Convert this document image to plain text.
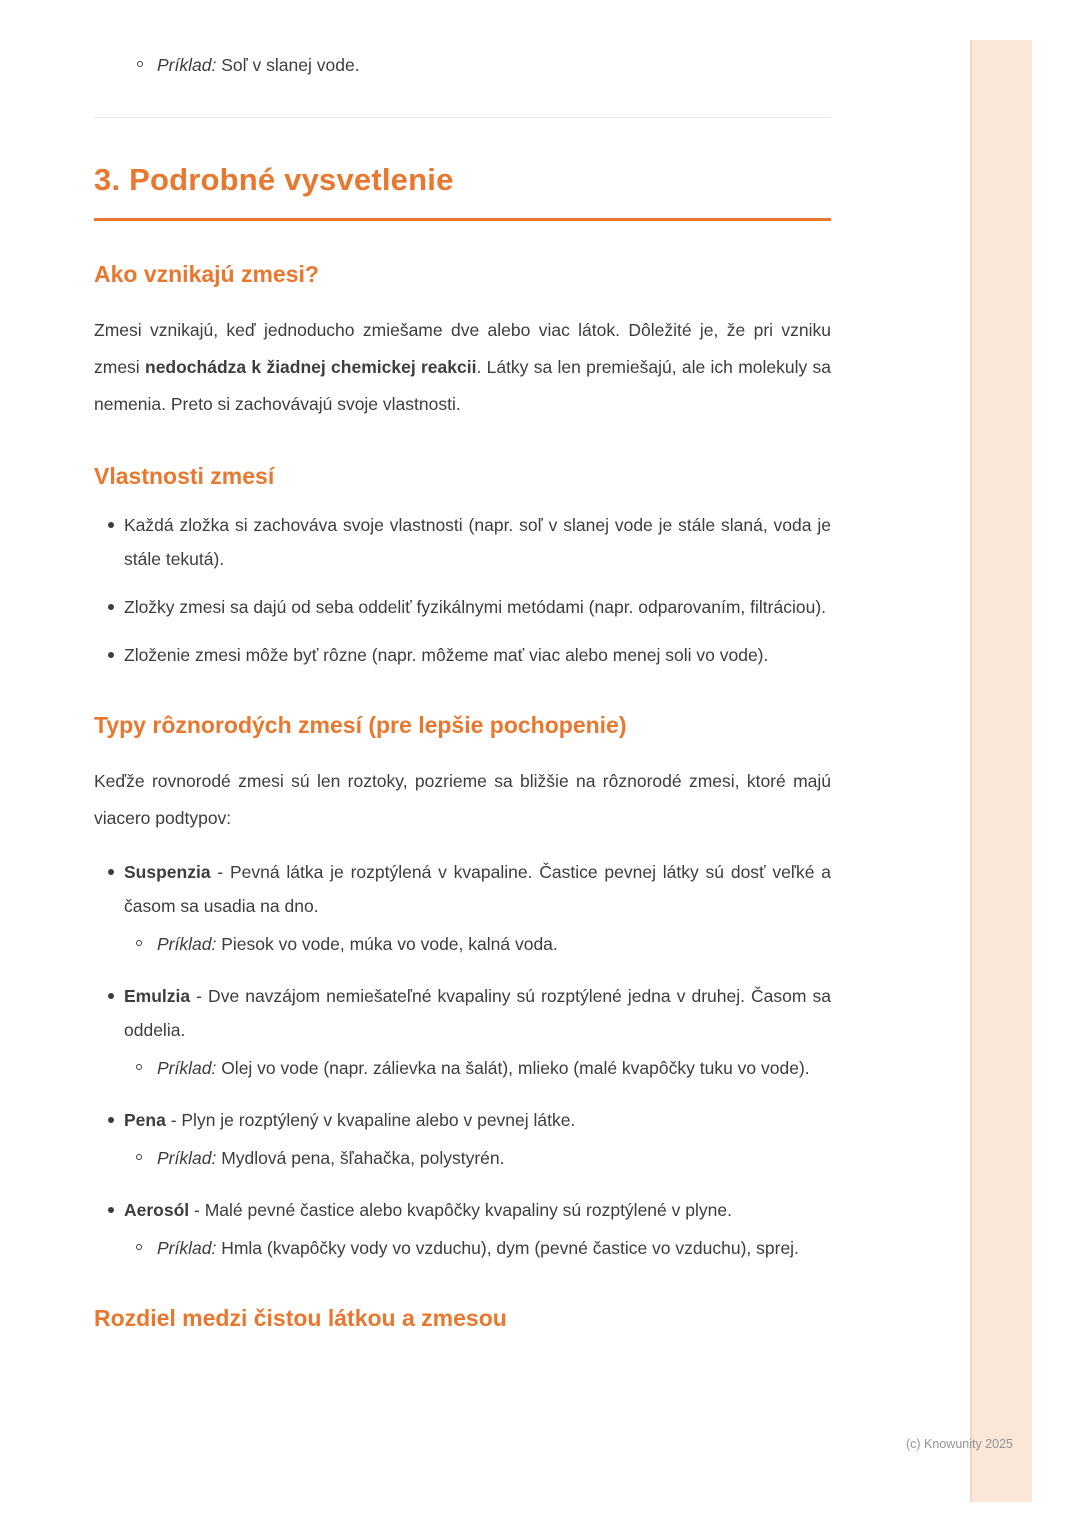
Príklad: Soľ v slanej vode.
3. Podrobné vysvetlenie
Ako vznikajú zmesi?

Zmesi vznikajú, keď jednoducho zmiešame dve alebo viac látok. Dôležité je, že pri vzniku zmesi nedochádza k žiadnej chemickej reakcii. Látky sa len premiešajú, ale ich molekuly sa nemenia. Preto si zachovávajú svoje vlastnosti.

Vlastnosti zmesí
Každá zložka si zachováva svoje vlastnosti (napr. soľ v slanej vode je stále slaná, voda je stále tekutá).
Zložky zmesi sa dajú od seba oddeliť fyzikálnymi metódami (napr. odparovaním, filtráciou).
Zloženie zmesi môže byť rôzne (napr. môžeme mať viac alebo menej soli vo vode).
Typy rôznorodých zmesí (pre lepšie pochopenie)

Keďže rovnorodé zmesi sú len roztoky, pozrieme sa bližšie na rôznorodé zmesi, ktoré majú viacero podtypov:

Suspenzia - Pevná látka je rozptýlená v kvapaline. Častice pevnej látky sú dosť veľké a časom sa usadia na dno.
Príklad: Piesok vo vode, múka vo vode, kalná voda.
Emulzia - Dve navzájom nemiešateľné kvapaliny sú rozptýlené jedna v druhej. Časom sa oddelia.
Príklad: Olej vo vode (napr. zálievka na šalát), mlieko (malé kvapôčky tuku vo vode).
Pena - Plyn je rozptýlený v kvapaline alebo v pevnej látke.
Príklad: Mydlová pena, šľahačka, polystyrén.
Aerosól - Malé pevné častice alebo kvapôčky kvapaliny sú rozptýlené v plyne.
Príklad: Hmla (kvapôčky vody vo vzduchu), dym (pevné častice vo vzduchu), sprej.
Rozdiel medzi čistou látkou a zmesou
(c) Knowunity 2025
